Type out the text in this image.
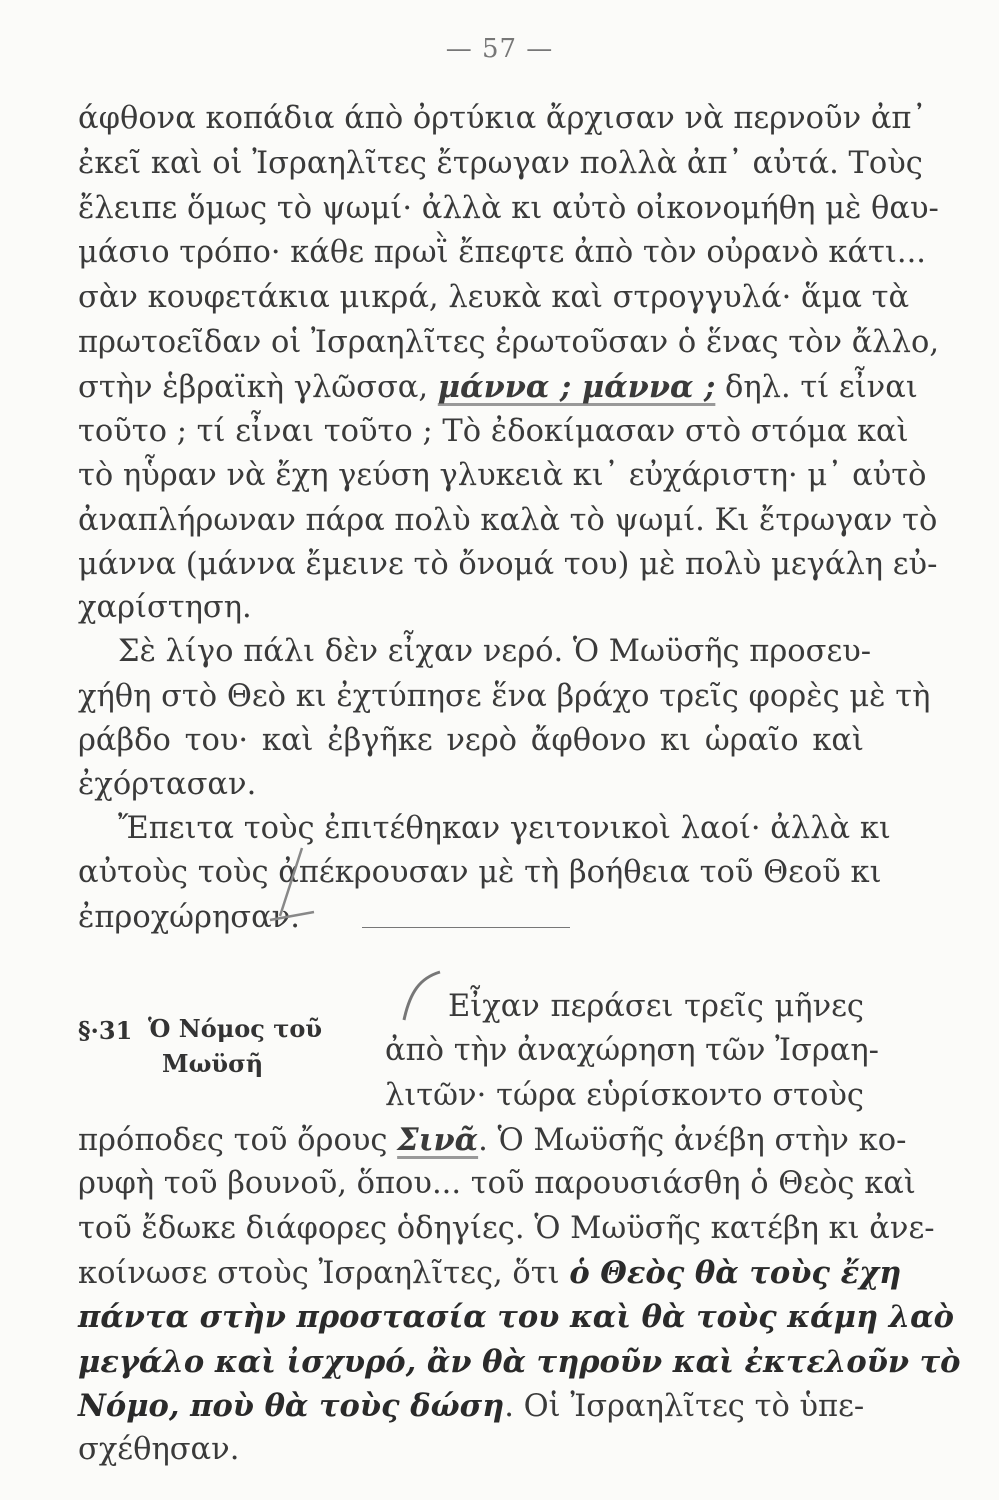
— 57 —
άφθονα κοπάδια άπὸ ὀρτύκια ἄρχισαν νὰ περνοῦν ἀπ᾿
ἐκεῖ καὶ οἱ Ἰσραηλῖτες ἔτρωγαν πολλὰ ἀπ᾿ αὐτά. Τοὺς
ἔλειπε ὅμως τὸ ψωμί· ἀλλὰ κι αὐτὸ οἰκονομήθη μὲ θαυ-
μάσιο τρόπο· κάθε πρωῒ ἔπεφτε ἀπὸ τὸν οὐρανὸ κάτι...
σὰν κουφετάκια μικρά, λευκὰ καὶ στρογγυλά· ἅμα τὰ
πρωτοεῖδαν οἱ Ἰσραηλῖτες ἐρωτοῦσαν ὁ ἕνας τὸν ἄλλο,
στὴν ἑβραϊκὴ γλῶσσα, μάννα ; μάννα ; δηλ. τί εἶναι
τοῦτο ; τί εἶναι τοῦτο ; Τὸ ἐδοκίμασαν στὸ στόμα καὶ
τὸ ηὗραν νὰ ἔχη γεύση γλυκειὰ κι᾿ εὐχάριστη· μ᾿ αὐτὸ
ἀναπλήρωναν πάρα πολὺ καλὰ τὸ ψωμί. Κι ἔτρωγαν τὸ
μάννα (μάννα ἔμεινε τὸ ὄνομά του) μὲ πολὺ μεγάλη εὐ-
χαρίστηση.
Σὲ λίγο πάλι δὲν εἶχαν νερό. Ὁ Μωϋσῆς προσευ-
χήθη στὸ Θεὸ κι ἐχτύπησε ἕνα βράχο τρεῖς φορὲς μὲ τὴ
ράβδο του· καὶ ἐβγῆκε νερὸ ἄφθονο κι ὡραῖο καὶ
ἐχόρτασαν.
Ἔπειτα τοὺς ἐπιτέθηκαν γειτονικοὶ λαοί· ἀλλὰ κι
αὐτοὺς τοὺς ἀπέκρουσαν μὲ τὴ βοήθεια τοῦ Θεοῦ κι
ἐπροχώρησαν.
§·31 Ὁ Νόμος τοῦ
Μωϋσῆ
Εἶχαν περάσει τρεῖς μῆνες
ἀπὸ τὴν ἀναχώρηση τῶν Ἰσραη-
λιτῶν· τώρα εὑρίσκοντο στοὺς
πρόποδες τοῦ ὄρους Σινᾶ. Ὁ Μωϋσῆς ἀνέβη στὴν κο-
ρυφὴ τοῦ βουνοῦ, ὅπου... τοῦ παρουσιάσθη ὁ Θεὸς καὶ
τοῦ ἔδωκε διάφορες ὁδηγίες. Ὁ Μωϋσῆς κατέβη κι ἀνε-
κοίνωσε στοὺς Ἰσραηλῖτες, ὅτι ὁ Θεὸς θὰ τοὺς ἔχη
πάντα στὴν προστασία του καὶ θὰ τοὺς κάμη λαὸ
μεγάλο καὶ ἰσχυρό, ἂν θὰ τηροῦν καὶ ἐκτελοῦν τὸ
Νόμο, ποὺ θὰ τοὺς δώση. Οἱ Ἰσραηλῖτες τὸ ὑπε-
σχέθησαν.
